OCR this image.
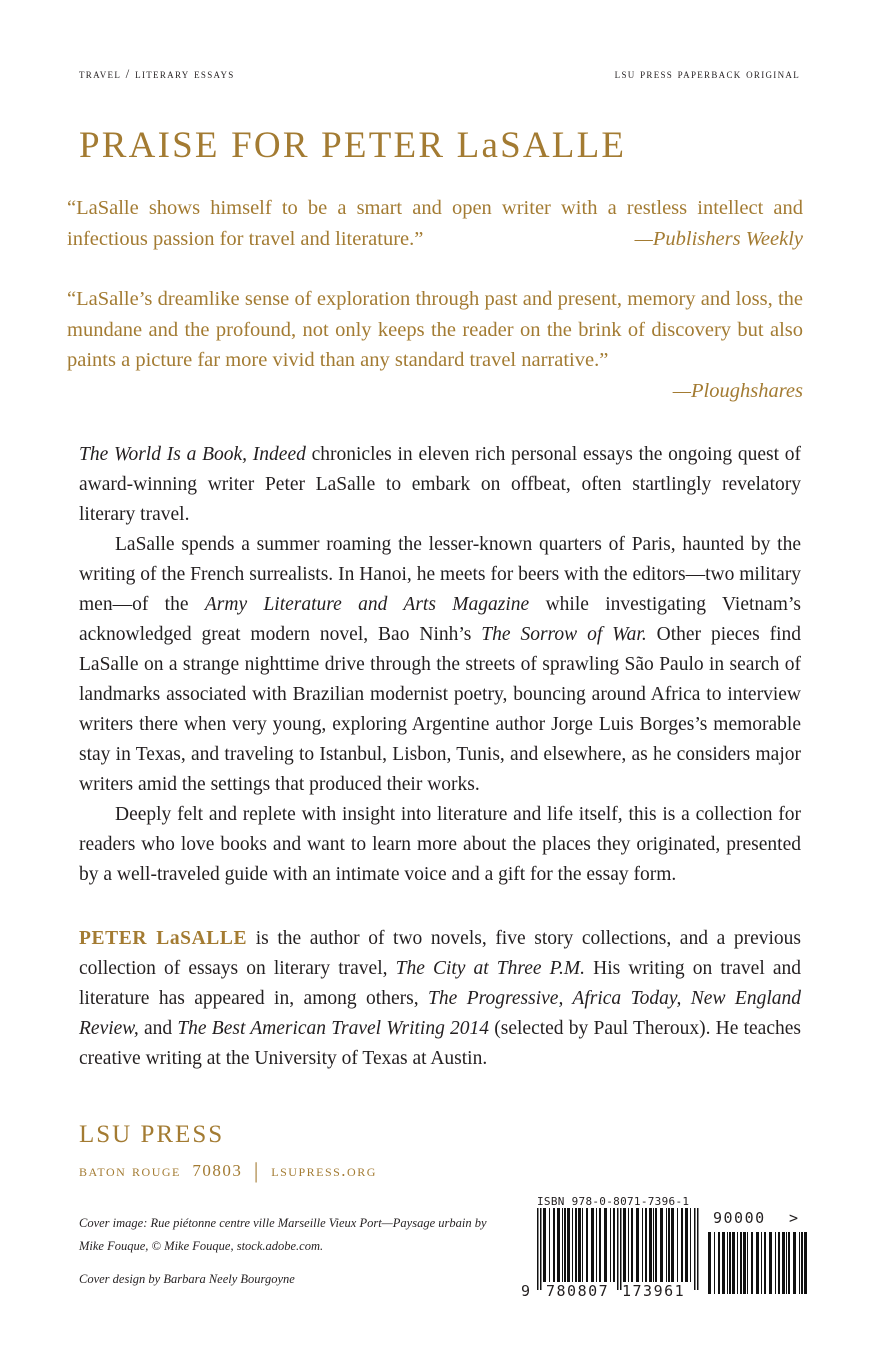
travel / literary essays	lsu press paperback original
PRAISE FOR PETER LaSALLE
“LaSalle shows himself to be a smart and open writer with a restless intellect and infectious passion for travel and literature.”	—Publishers Weekly
“LaSalle’s dreamlike sense of exploration through past and present, memory and loss, the mundane and the profound, not only keeps the reader on the brink of discovery but also paints a picture far more vivid than any standard travel narrative.”
—Ploughshares

The World Is a Book, Indeed chronicles in eleven rich personal essays the ongoing quest of award-winning writer Peter LaSalle to embark on offbeat, often startlingly revelatory literary travel.

LaSalle spends a summer roaming the lesser-known quarters of Paris, haunted by the writing of the French surrealists. In Hanoi, he meets for beers with the editors—two military men—of the Army Literature and Arts Magazine while investigating Vietnam’s acknowledged great modern novel, Bao Ninh’s The Sorrow of War. Other pieces find LaSalle on a strange nighttime drive through the streets of sprawling São Paulo in search of landmarks associated with Brazilian modernist poetry, bouncing around Africa to interview writers there when very young, exploring Argentine author Jorge Luis Borges’s memorable stay in Texas, and traveling to Istanbul, Lisbon, Tunis, and elsewhere, as he considers major writers amid the settings that produced their works.

Deeply felt and replete with insight into literature and life itself, this is a collection for readers who love books and want to learn more about the places they originated, presented by a well-traveled guide with an intimate voice and a gift for the essay form.

PETER LaSALLE is the author of two novels, five story collections, and a previous collection of essays on literary travel, The City at Three P.M. His writing on travel and literature has appeared in, among others, The Progressive, Africa Today, New England Review, and The Best American Travel Writing 2014 (selected by Paul Theroux). He teaches creative writing at the University of Texas at Austin.

LSU PRESS
baton rouge 70803 | lsupress.org
Cover image: Rue piétonne centre ville Marseille Vieux Port—Paysage urbain by Mike Fouque, © Mike Fouque, stock.adobe.com.
Cover design by Barbara Neely Bourgoyne
ISBN 978-0-8071-7396-1
9 780807 173961
90000 >
